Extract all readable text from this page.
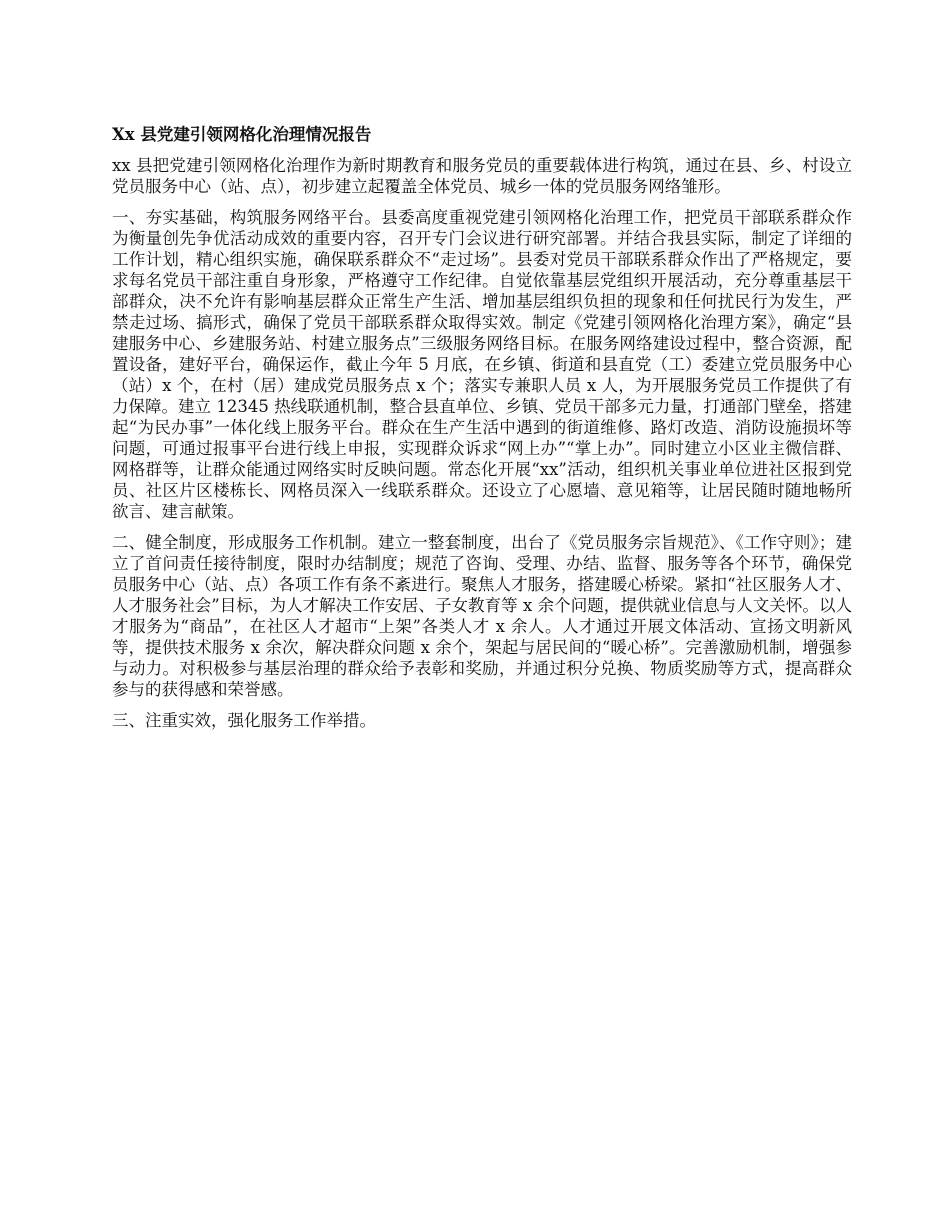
Xx 县党建引领网格化治理情况报告

xx 县把党建引领网格化治理作为新时期教育和服务党员的重要载体进行构筑，通过在县、乡、村设立党员服务中心（站、点），初步建立起覆盖全体党员、城乡一体的党员服务网络雏形。

一、夯实基础，构筑服务网络平台。县委高度重视党建引领网格化治理工作，把党员干部联系群众作为衡量创先争优活动成效的重要内容，召开专门会议进行研究部署。并结合我县实际，制定了详细的工作计划，精心组织实施，确保联系群众不“走过场”。县委对党员干部联系群众作出了严格规定，要求每名党员干部注重自身形象，严格遵守工作纪律。自觉依靠基层党组织开展活动，充分尊重基层干部群众，决不允许有影响基层群众正常生产生活、增加基层组织负担的现象和任何扰民行为发生，严禁走过场、搞形式，确保了党员干部联系群众取得实效。制定《党建引领网格化治理方案》，确定“县建服务中心、乡建服务站、村建立服务点”三级服务网络目标。在服务网络建设过程中，整合资源，配置设备，建好平台，确保运作，截止今年 5 月底，在乡镇、街道和县直党（工）委建立党员服务中心（站）x 个，在村（居）建成党员服务点 x 个；落实专兼职人员 x 人，为开展服务党员工作提供了有力保障。建立 12345 热线联通机制，整合县直单位、乡镇、党员干部多元力量，打通部门壁垒，搭建起“为民办事”一体化线上服务平台。群众在生产生活中遇到的街道维修、路灯改造、消防设施损坏等问题，可通过报事平台进行线上申报，实现群众诉求“网上办”“掌上办”。同时建立小区业主微信群、网格群等，让群众能通过网络实时反映问题。常态化开展“xx”活动，组织机关事业单位进社区报到党员、社区片区楼栋长、网格员深入一线联系群众。还设立了心愿墙、意见箱等，让居民随时随地畅所欲言、建言献策。

二、健全制度，形成服务工作机制。建立一整套制度，出台了《党员服务宗旨规范》、《工作守则》；建立了首问责任接待制度，限时办结制度；规范了咨询、受理、办结、监督、服务等各个环节，确保党员服务中心（站、点）各项工作有条不紊进行。聚焦人才服务，搭建暖心桥梁。紧扣“社区服务人才、人才服务社会”目标，为人才解决工作安居、子女教育等 x 余个问题，提供就业信息与人文关怀。以人才服务为“商品”，在社区人才超市“上架”各类人才 x 余人。人才通过开展文体活动、宣扬文明新风等，提供技术服务 x 余次，解决群众问题 x 余个，架起与居民间的“暖心桥”。完善激励机制，增强参与动力。对积极参与基层治理的群众给予表彰和奖励，并通过积分兑换、物质奖励等方式，提高群众参与的获得感和荣誉感。

三、注重实效，强化服务工作举措。
